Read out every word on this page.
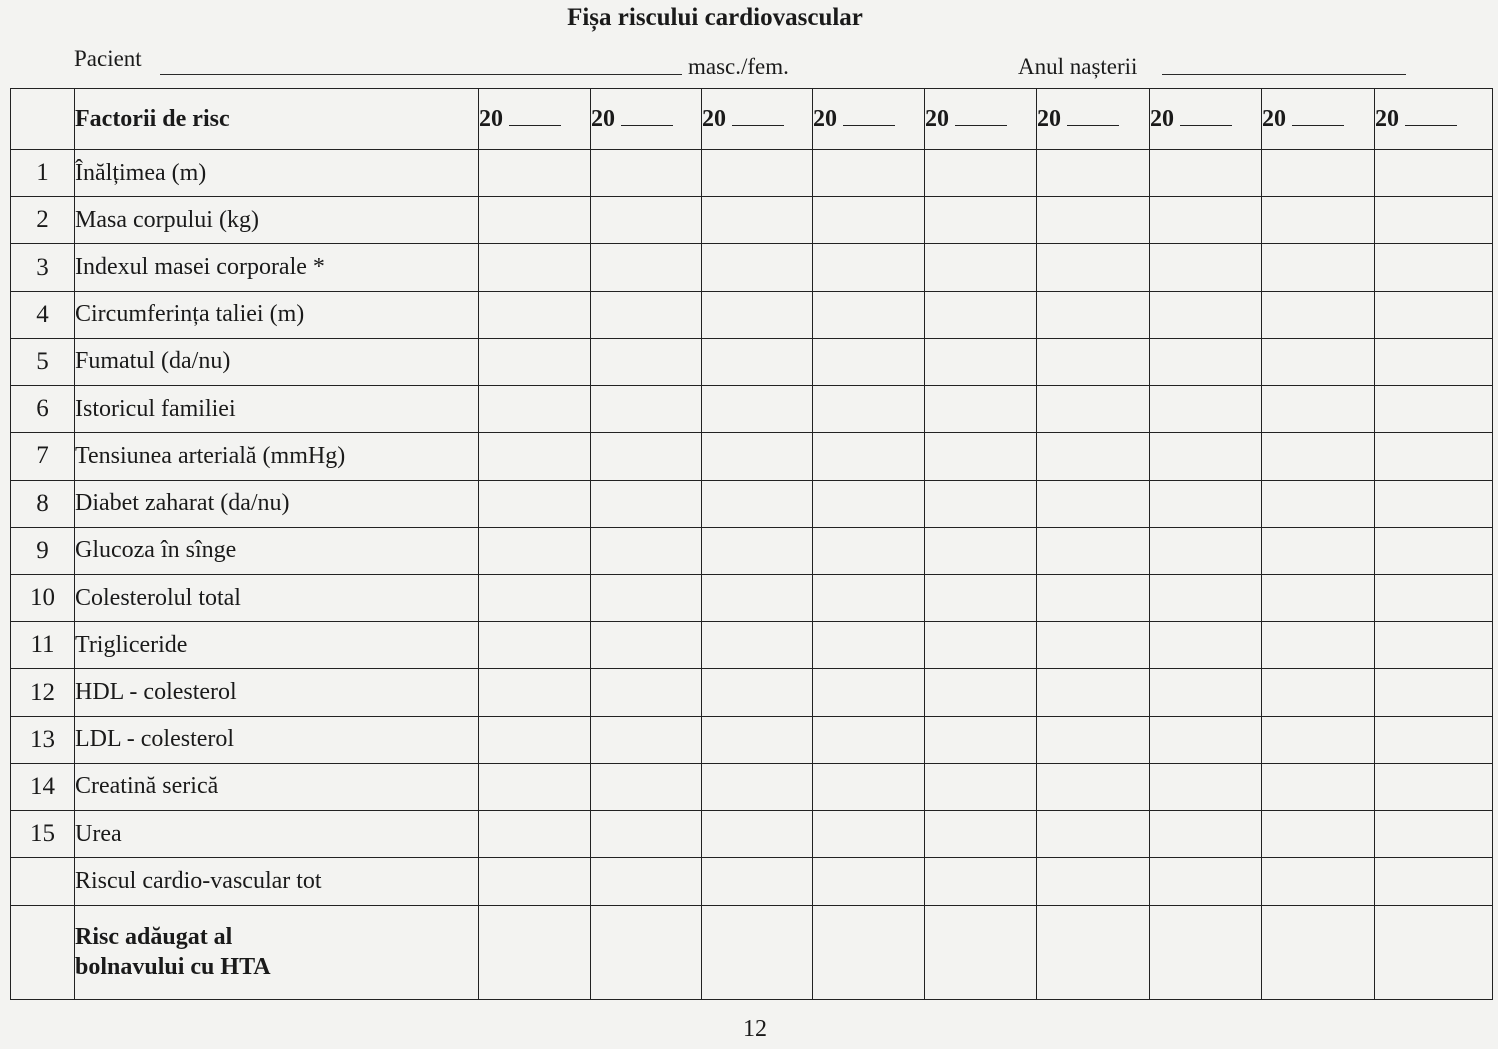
Fișa riscului cardiovascular
Pacient	masc./fem.	Anul nașterii
	Factorii de risc	20	20	20	20	20	20	20	20	20
1	Înălțimea (m)									
2	Masa corpului (kg)									
3	Indexul masei corporale *									
4	Circumferința taliei (m)									
5	Fumatul (da/nu)									
6	Istoricul familiei									
7	Tensiunea arterială (mmHg)									
8	Diabet zaharat (da/nu)									
9	Glucoza în sînge									
10	Colesterolul total									
11	Trigliceride									
12	HDL - colesterol									
13	LDL - colesterol									
14	Creatină serică									
15	Urea									
	Riscul cardio-vascular tot									

	Risc adăugat al
bolnavului cu HTA									

12
